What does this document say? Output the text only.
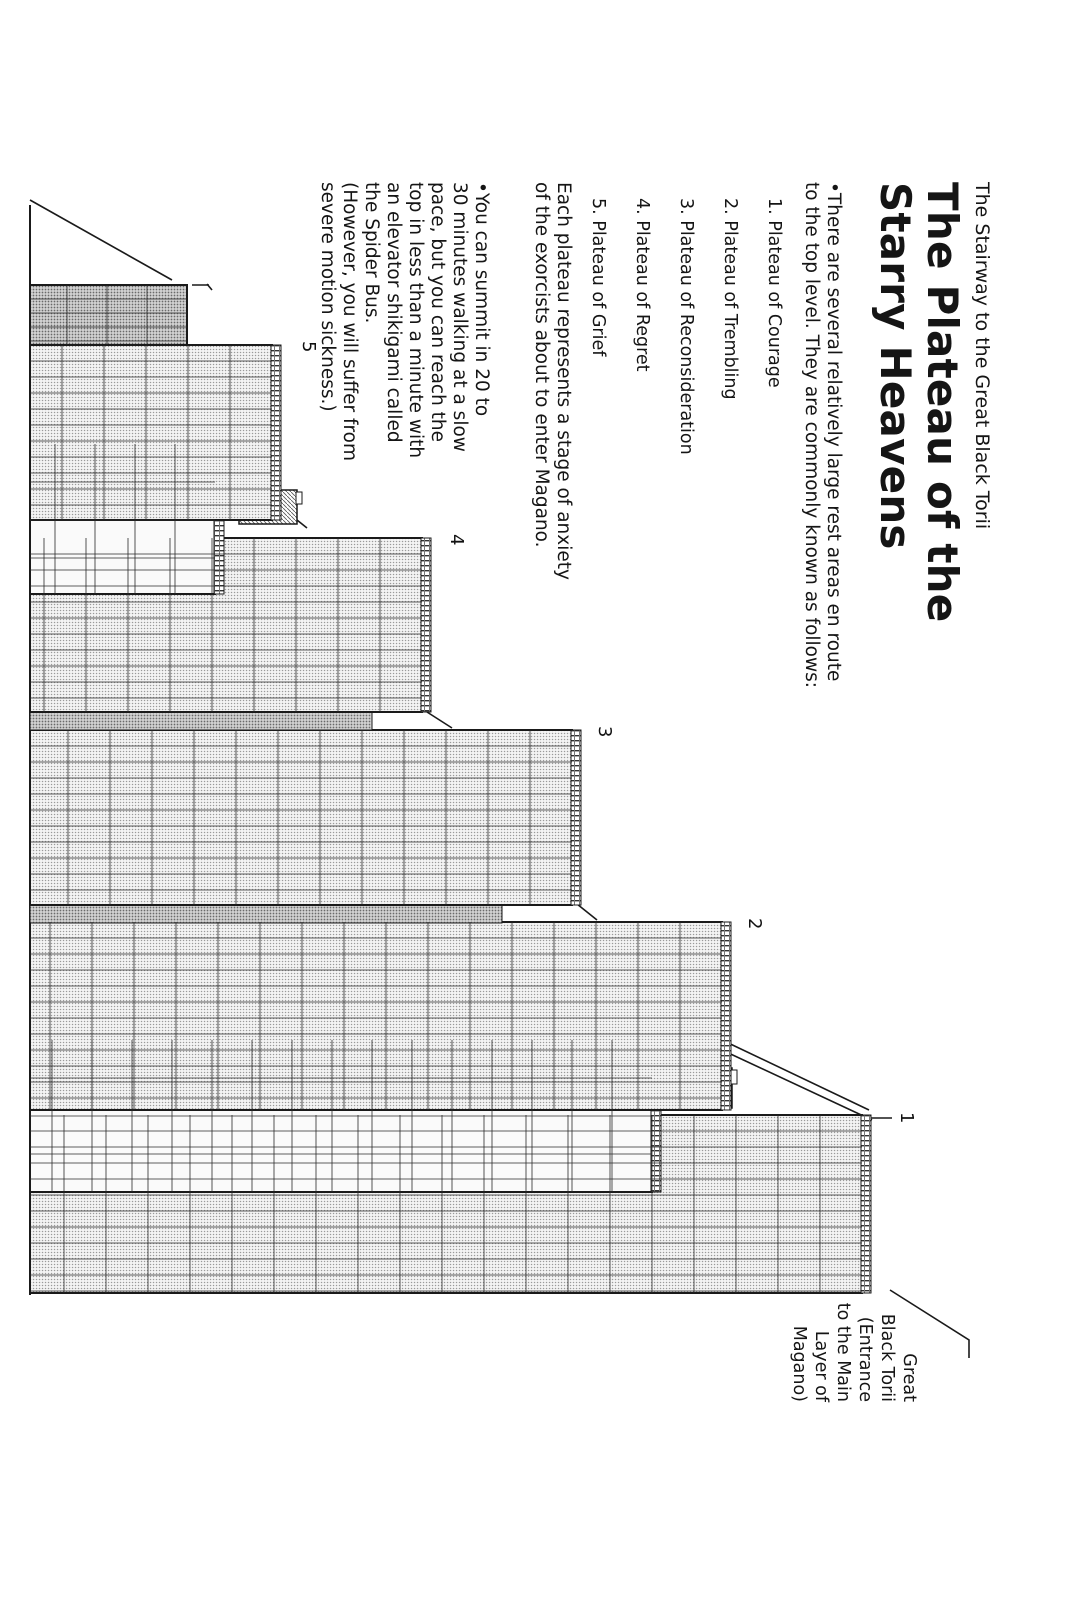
The Stairway to the Great Black Torii
The Plateau of the
Starry Heavens
•There are several relatively large rest areas en route
to the top level. They are commonly known as follows:
1. Plateau of Courage
2. Plateau of Trembling
3. Plateau of Reconsideration
4. Plateau of Regret
5. Plateau of Grief
Each plateau represents a stage of anxiety
of the exorcists about to enter Magano.
•You can summit in 20 to
30 minutes walking at a slow
pace, but you can reach the
top in less than a minute with
an elevator shikigami called
the Spider Bus.
(However, you will suffer from
severe motion sickness.)
Great
Black Torii
(Entrance
to the Main
Layer of
Magano)
1
2
3
4
5
